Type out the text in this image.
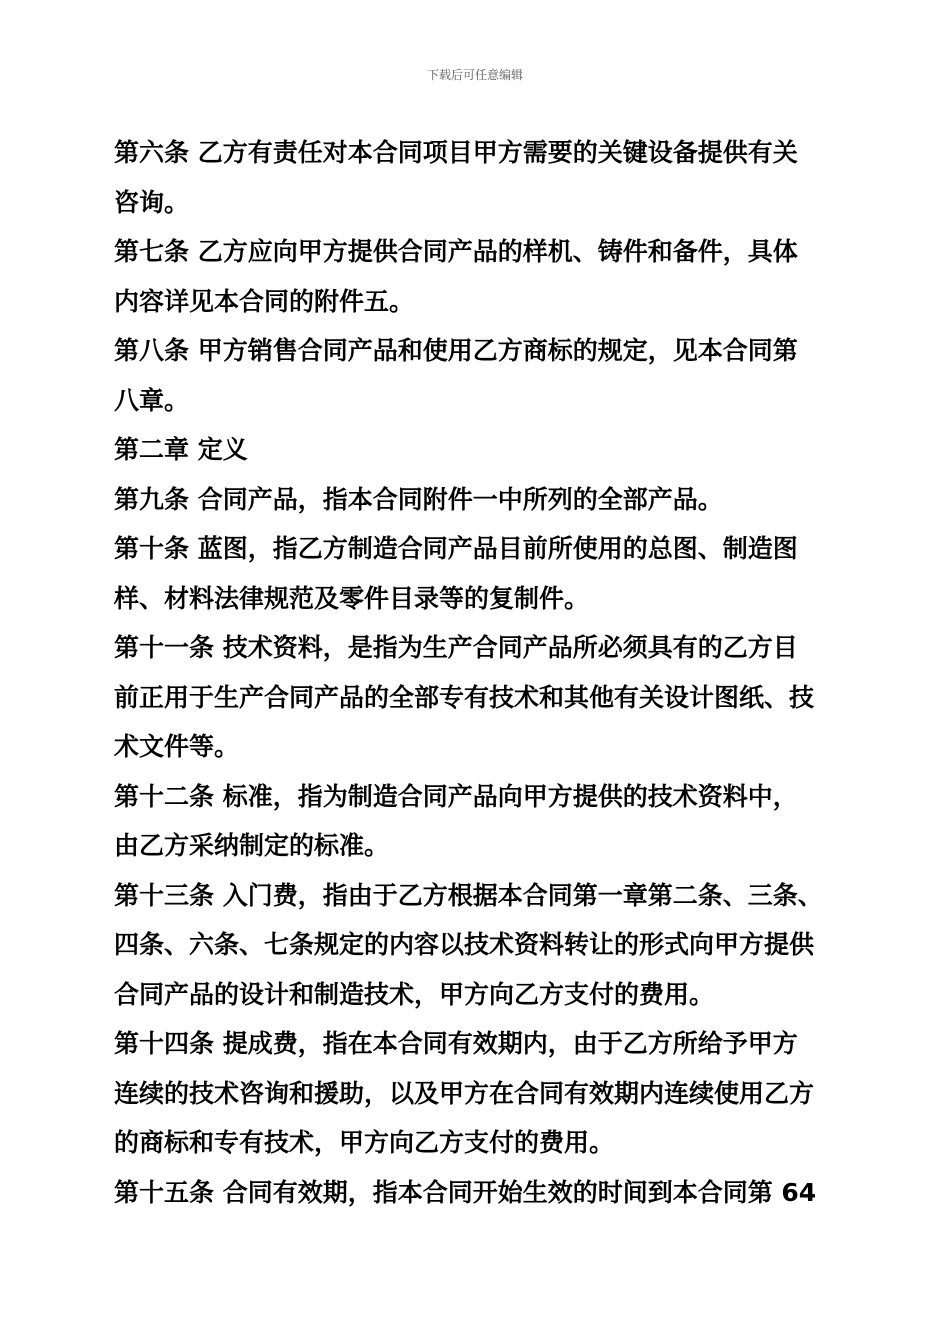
下载后可任意编辑

第六条 乙方有责任对本合同项目甲方需要的关键设备提供有关
咨询。

第七条 乙方应向甲方提供合同产品的样机、铸件和备件，具体
内容详见本合同的附件五。

第八条 甲方销售合同产品和使用乙方商标的规定，见本合同第
八章。

第二章 定义

第九条 合同产品，指本合同附件一中所列的全部产品。

第十条 蓝图，指乙方制造合同产品目前所使用的总图、制造图
样、材料法律规范及零件目录等的复制件。

第十一条 技术资料，是指为生产合同产品所必须具有的乙方目
前正用于生产合同产品的全部专有技术和其他有关设计图纸、技
术文件等。

第十二条 标准，指为制造合同产品向甲方提供的技术资料中，
由乙方采纳制定的标准。

第十三条 入门费，指由于乙方根据本合同第一章第二条、三条、
四条、六条、七条规定的内容以技术资料转让的形式向甲方提供
合同产品的设计和制造技术，甲方向乙方支付的费用。

第十四条 提成费，指在本合同有效期内，由于乙方所给予甲方
连续的技术咨询和援助，以及甲方在合同有效期内连续使用乙方
的商标和专有技术，甲方向乙方支付的费用。

第十五条 合同有效期，指本合同开始生效的时间到本合同第 64
